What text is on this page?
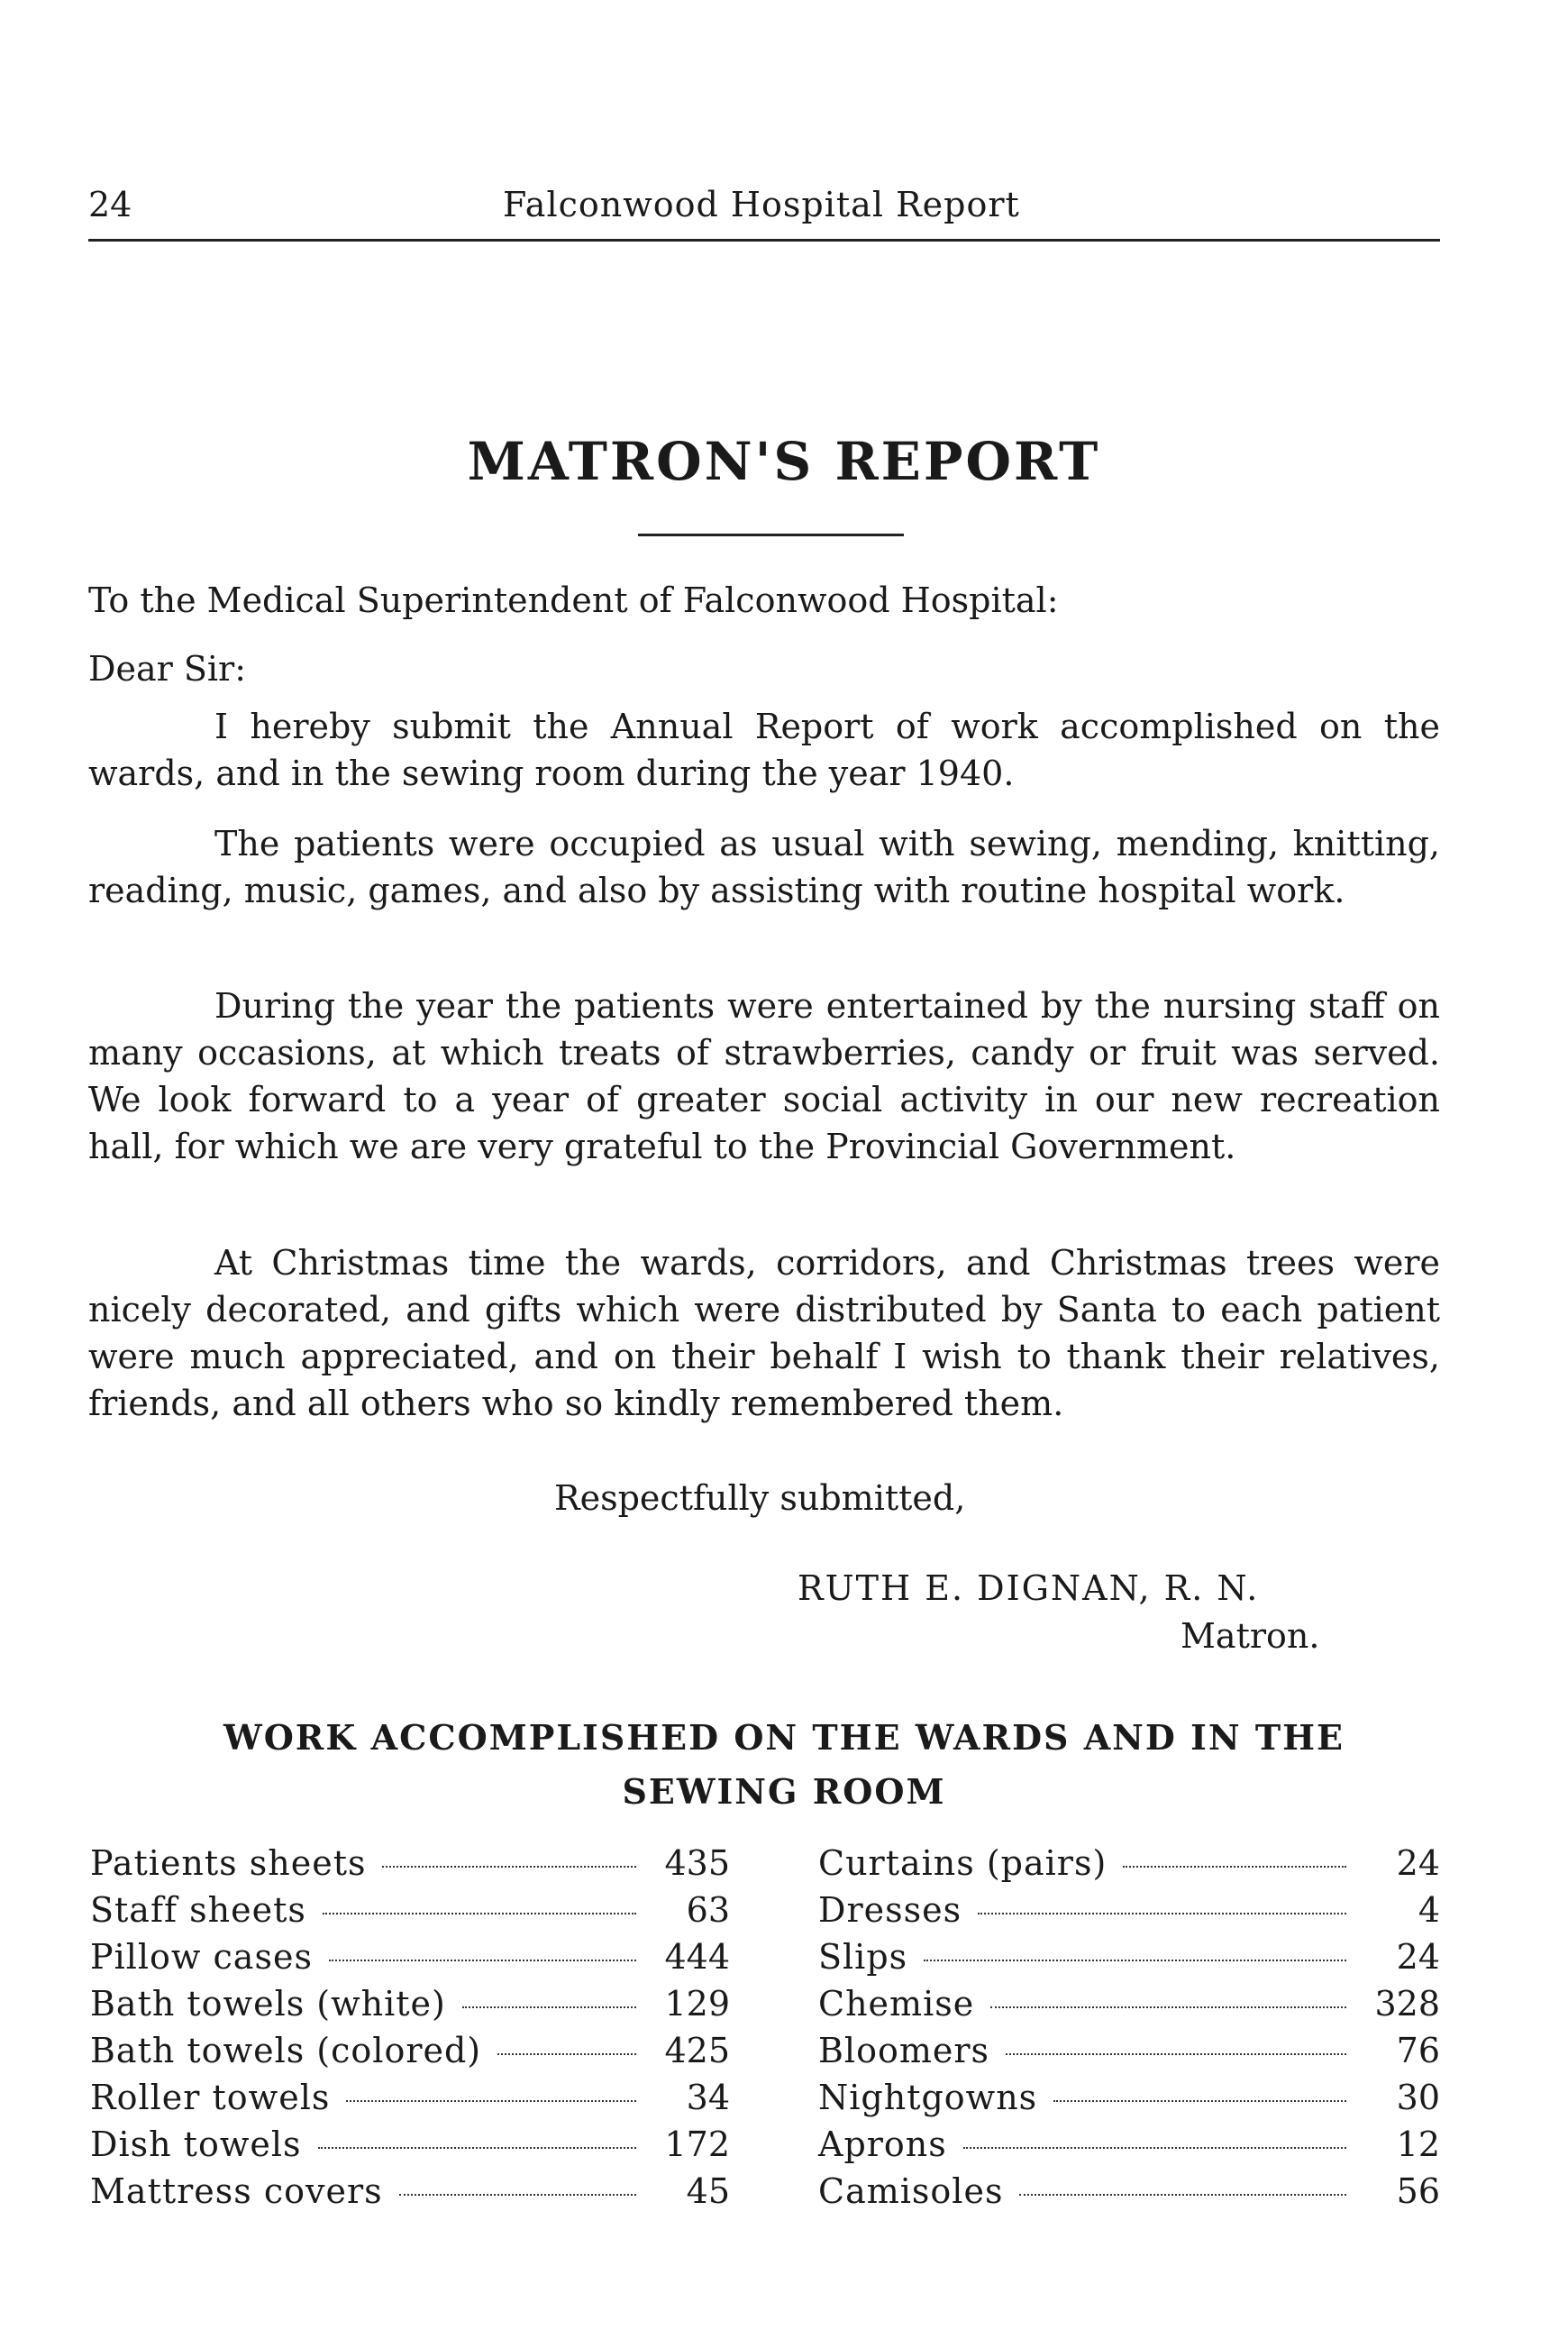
24	Falconwood Hospital Report
MATRON'S REPORT
To the Medical Superintendent of Falconwood Hospital:
Dear Sir:
I hereby submit the Annual Report of work accomplished on the wards, and in the sewing room during the year 1940.
The patients were occupied as usual with sewing, mending, knitting, reading, music, games, and also by assisting with routine hospital work.
During the year the patients were entertained by the nursing staff on many occasions, at which treats of strawberries, candy or fruit was served. We look forward to a year of greater social activity in our new recreation hall, for which we are very grateful to the Provincial Government.
At Christmas time the wards, corridors, and Christmas trees were nicely decorated, and gifts which were distributed by Santa to each patient were much appreciated, and on their behalf I wish to thank their relatives, friends, and all others who so kindly remembered them.
Respectfully submitted,
RUTH E. DIGNAN, R. N.
Matron.
WORK ACCOMPLISHED ON THE WARDS AND IN THE
SEWING ROOM
Patients sheets	435
Staff sheets	63
Pillow cases	444
Bath towels (white)	129
Bath towels (colored)	425
Roller towels	34
Dish towels	172
Mattress covers	45
Curtains (pairs)	24
Dresses	4
Slips	24
Chemise	328
Bloomers	76
Nightgowns	30
Aprons	12
Camisoles	56
